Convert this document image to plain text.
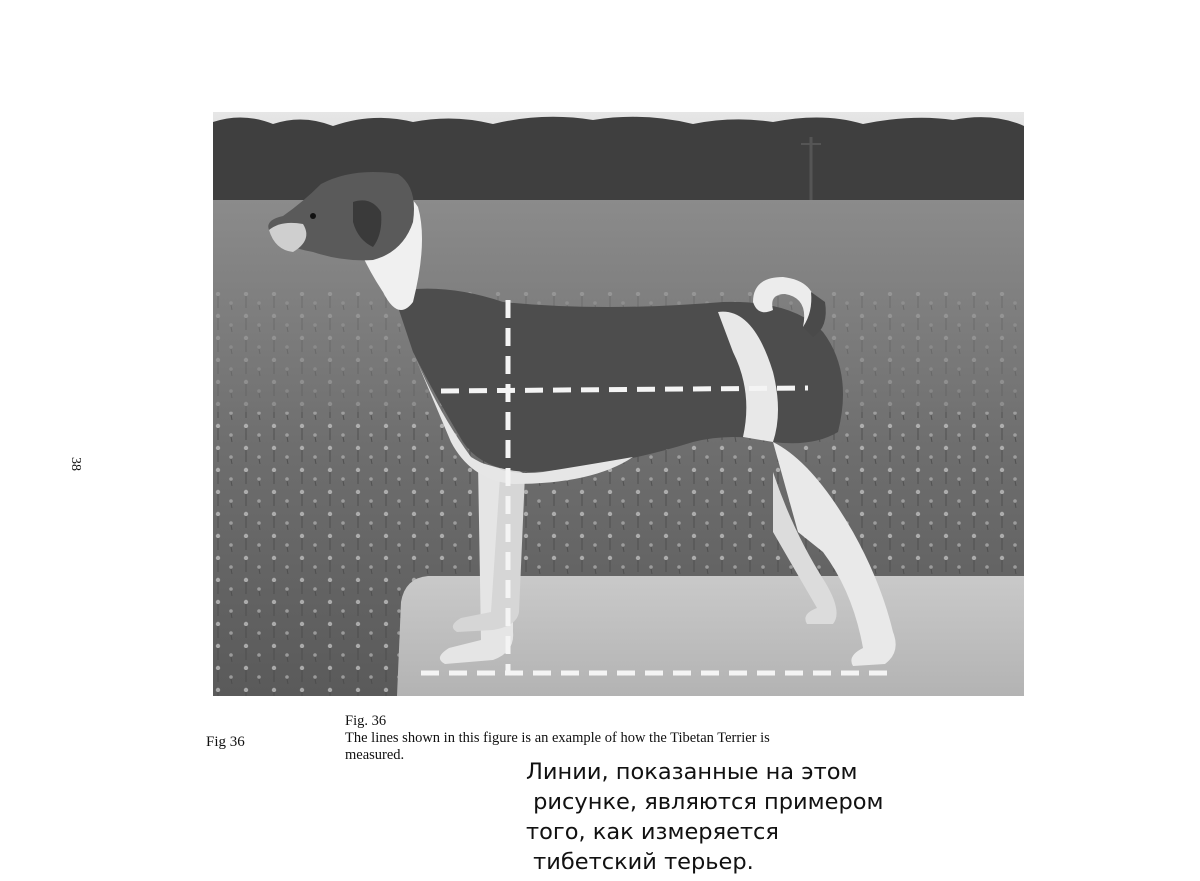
38
Fig 36
Fig. 36
The lines shown in this figure is an example of how the Tibetan Terrier is measured.
Линии, показанные на этом
рисунке, являются примером
того, как измеряется
тибетский терьер.
